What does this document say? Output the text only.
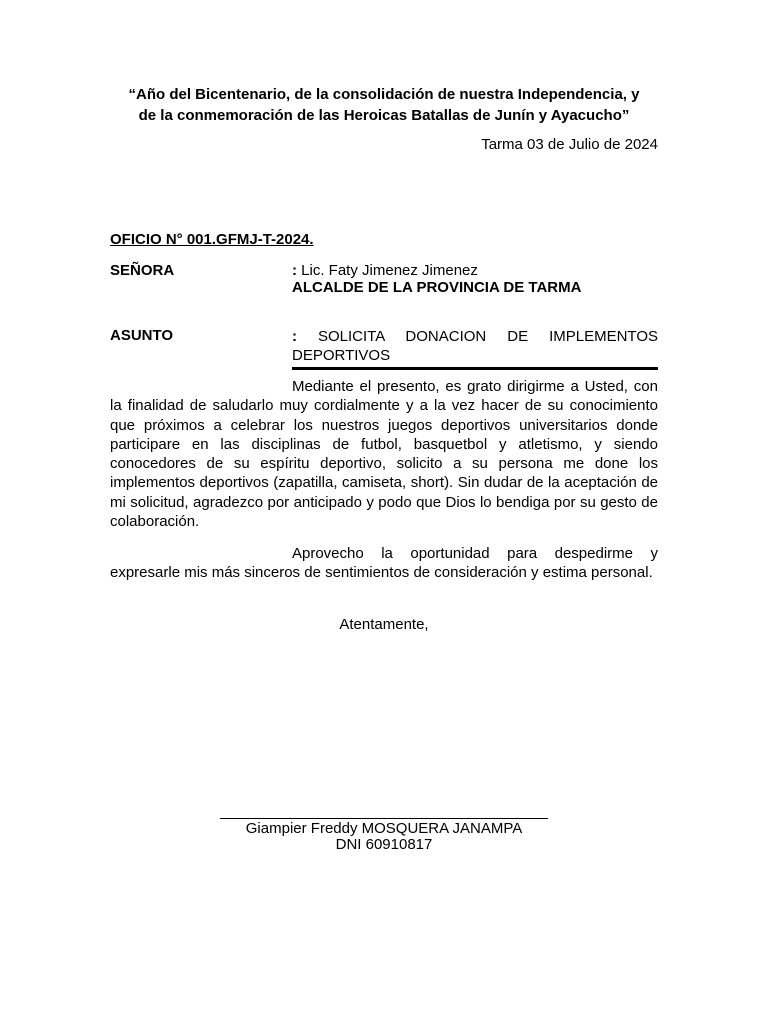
“Año del Bicentenario, de la consolidación de nuestra Independencia, y
de la conmemoración de las Heroicas Batallas de Junín y Ayacucho”
Tarma 03 de Julio de 2024
OFICIO N° 001.GFMJ-T-2024.
SEÑORA	: Lic. Faty Jimenez Jimenez
ALCALDE DE LA PROVINCIA DE TARMA
ASUNTO	: SOLICITA DONACION DE IMPLEMENTOS DEPORTIVOS
Mediante el presento, es grato dirigirme a Usted, con la finalidad de saludarlo muy cordialmente y a la vez hacer de su conocimiento que próximos a celebrar los nuestros juegos deportivos universitarios donde participare en las disciplinas de futbol, basquetbol y atletismo, y siendo conocedores de su espíritu deportivo, solicito a su persona me done los implementos deportivos (zapatilla, camiseta, short). Sin dudar de la aceptación de mi solicitud, agradezco por anticipado y podo que Dios lo bendiga por su gesto de colaboración.
Aprovecho la oportunidad para despedirme y expresarle mis más sinceros de sentimientos de consideración y estima personal.
Atentamente,
Giampier Freddy MOSQUERA JANAMPA
DNI 60910817
